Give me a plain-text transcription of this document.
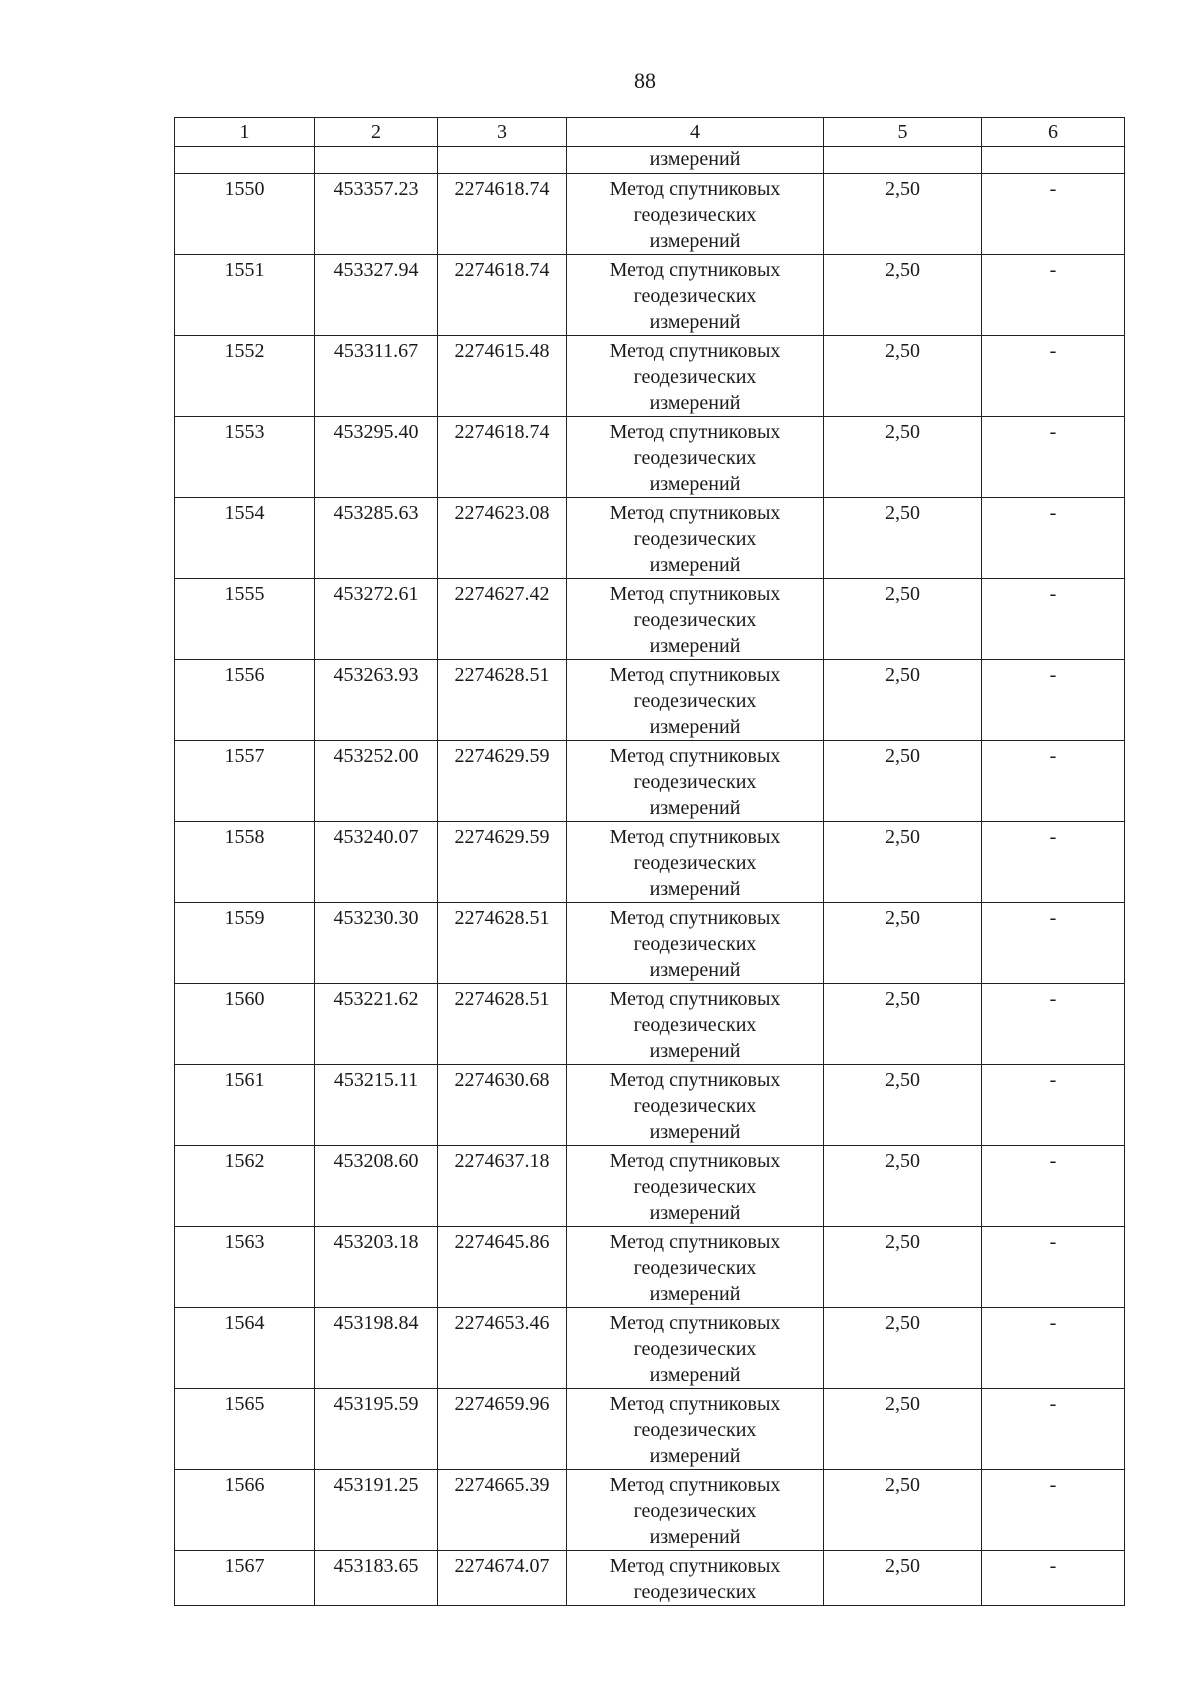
88
1	2	3	4	5	6
			измерений		
1550	453357.23	2274618.74	Метод спутниковых
геодезических
измерений	2,50	-
1551	453327.94	2274618.74	Метод спутниковых
геодезических
измерений	2,50	-
1552	453311.67	2274615.48	Метод спутниковых
геодезических
измерений	2,50	-
1553	453295.40	2274618.74	Метод спутниковых
геодезических
измерений	2,50	-
1554	453285.63	2274623.08	Метод спутниковых
геодезических
измерений	2,50	-
1555	453272.61	2274627.42	Метод спутниковых
геодезических
измерений	2,50	-
1556	453263.93	2274628.51	Метод спутниковых
геодезических
измерений	2,50	-
1557	453252.00	2274629.59	Метод спутниковых
геодезических
измерений	2,50	-
1558	453240.07	2274629.59	Метод спутниковых
геодезических
измерений	2,50	-
1559	453230.30	2274628.51	Метод спутниковых
геодезических
измерений	2,50	-
1560	453221.62	2274628.51	Метод спутниковых
геодезических
измерений	2,50	-
1561	453215.11	2274630.68	Метод спутниковых
геодезических
измерений	2,50	-
1562	453208.60	2274637.18	Метод спутниковых
геодезических
измерений	2,50	-
1563	453203.18	2274645.86	Метод спутниковых
геодезических
измерений	2,50	-
1564	453198.84	2274653.46	Метод спутниковых
геодезических
измерений	2,50	-
1565	453195.59	2274659.96	Метод спутниковых
геодезических
измерений	2,50	-
1566	453191.25	2274665.39	Метод спутниковых
геодезических
измерений	2,50	-
1567	453183.65	2274674.07	Метод спутниковых
геодезических	2,50	-
